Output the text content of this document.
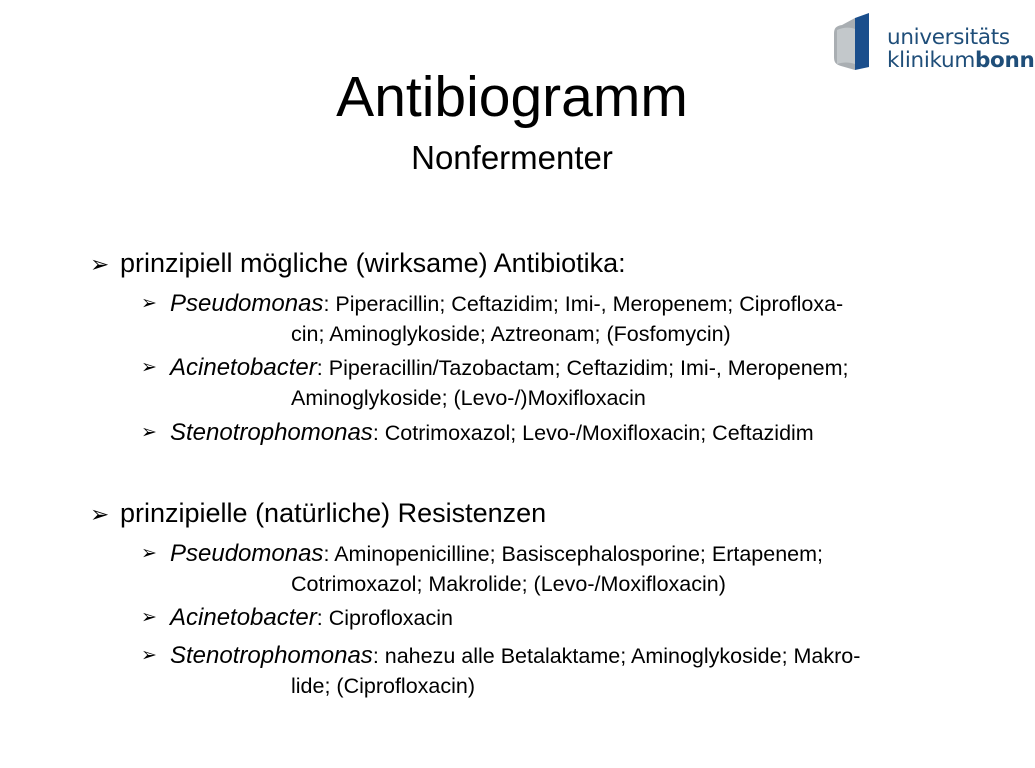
universitäts
klinikumbonn
Antibiogramm
Nonfermenter
➢ prinzipiell mögliche (wirksame) Antibiotika:
➢ Pseudomonas: Piperacillin; Ceftazidim; Imi-, Meropenem; Ciprofloxa-
cin; Aminoglykoside; Aztreonam; (Fosfomycin)
➢ Acinetobacter: Piperacillin/Tazobactam; Ceftazidim; Imi-, Meropenem;
Aminoglykoside; (Levo-/)Moxifloxacin
➢ Stenotrophomonas: Cotrimoxazol; Levo-/Moxifloxacin; Ceftazidim
➢ prinzipielle (natürliche) Resistenzen
➢ Pseudomonas: Aminopenicilline; Basiscephalosporine; Ertapenem;
Cotrimoxazol; Makrolide; (Levo-/Moxifloxacin)
➢ Acinetobacter: Ciprofloxacin
➢ Stenotrophomonas: nahezu alle Betalaktame; Aminoglykoside; Makro-
lide; (Ciprofloxacin)
